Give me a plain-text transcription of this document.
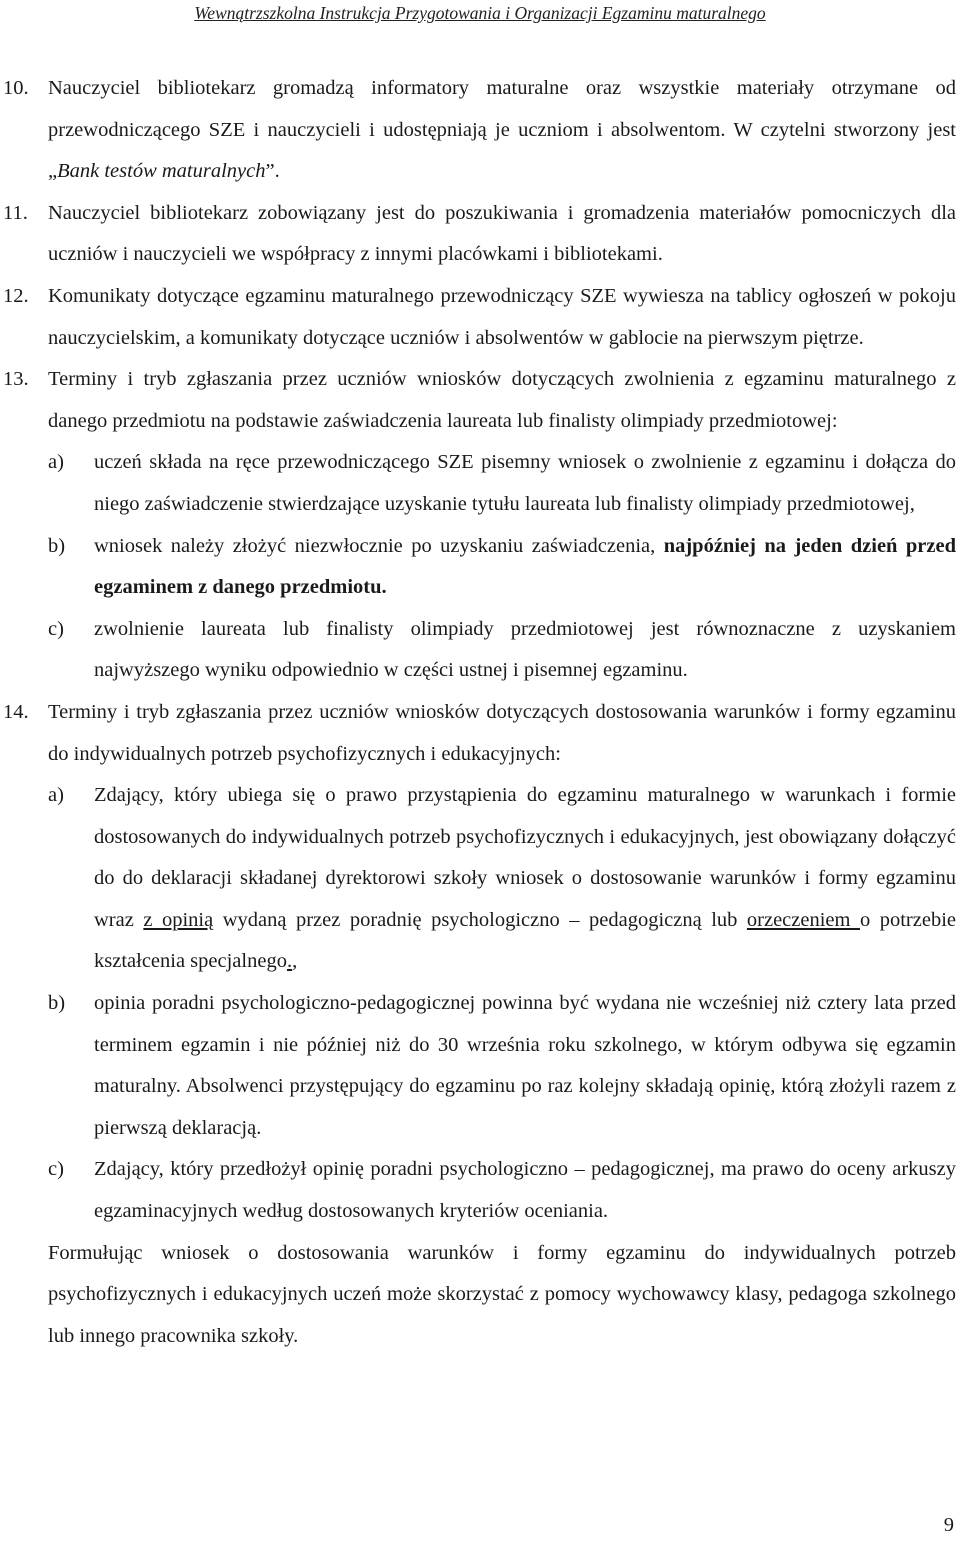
Wewnątrzszkolna Instrukcja Przygotowania i Organizacji Egzaminu maturalnego
10. Nauczyciel bibliotekarz gromadzą informatory maturalne oraz wszystkie materiały otrzymane od przewodniczącego SZE i nauczycieli i udostępniają je uczniom i absolwentom. W czytelni stworzony jest „Bank testów maturalnych”.
11. Nauczyciel bibliotekarz zobowiązany jest do poszukiwania i gromadzenia materiałów pomocniczych dla uczniów i nauczycieli we współpracy z innymi placówkami i bibliotekami.
12. Komunikaty dotyczące egzaminu maturalnego przewodniczący SZE wywiesza na tablicy ogłoszeń w pokoju nauczycielskim, a komunikaty dotyczące uczniów i absolwentów w gablocie na pierwszym piętrze.
13. Terminy i tryb zgłaszania przez uczniów wniosków dotyczących zwolnienia z egzaminu maturalnego z danego przedmiotu na podstawie zaświadczenia laureata lub finalisty olimpiady przedmiotowej:
a) uczeń składa na ręce przewodniczącego SZE pisemny wniosek o zwolnienie z egzaminu i dołącza do niego zaświadczenie stwierdzające uzyskanie tytułu laureata lub finalisty olimpiady przedmiotowej,
b) wniosek należy złożyć niezwłocznie po uzyskaniu zaświadczenia, najpóźniej na jeden dzień przed egzaminem z danego przedmiotu.
c) zwolnienie laureata lub finalisty olimpiady przedmiotowej jest równoznaczne z uzyskaniem najwyższego wyniku odpowiednio w części ustnej i pisemnej egzaminu.
14. Terminy i tryb zgłaszania przez uczniów wniosków dotyczących dostosowania warunków i formy egzaminu do indywidualnych potrzeb psychofizycznych i edukacyjnych:
a) Zdający, który ubiega się o prawo przystąpienia do egzaminu maturalnego w warunkach i formie dostosowanych do indywidualnych potrzeb psychofizycznych i edukacyjnych, jest obowiązany dołączyć do do deklaracji składanej dyrektorowi szkoły wniosek o dostosowanie warunków i formy egzaminu wraz z opinią wydaną przez poradnię psychologiczno – pedagogiczną lub orzeczeniem o potrzebie kształcenia specjalnego.,
b) opinia poradni psychologiczno-pedagogicznej powinna być wydana nie wcześniej niż cztery lata przed terminem egzamin i nie później niż do 30 września roku szkolnego, w którym odbywa się egzamin maturalny. Absolwenci przystępujący do egzaminu po raz kolejny składają opinię, którą złożyli razem z pierwszą deklaracją.
c) Zdający, który przedłożył opinię poradni psychologiczno – pedagogicznej, ma prawo do oceny arkuszy egzaminacyjnych według dostosowanych kryteriów oceniania.
Formułując wniosek o dostosowania warunków i formy egzaminu do indywidualnych potrzeb psychofizycznych i edukacyjnych uczeń może skorzystać z pomocy wychowawcy klasy, pedagoga szkolnego lub innego pracownika szkoły.
9
